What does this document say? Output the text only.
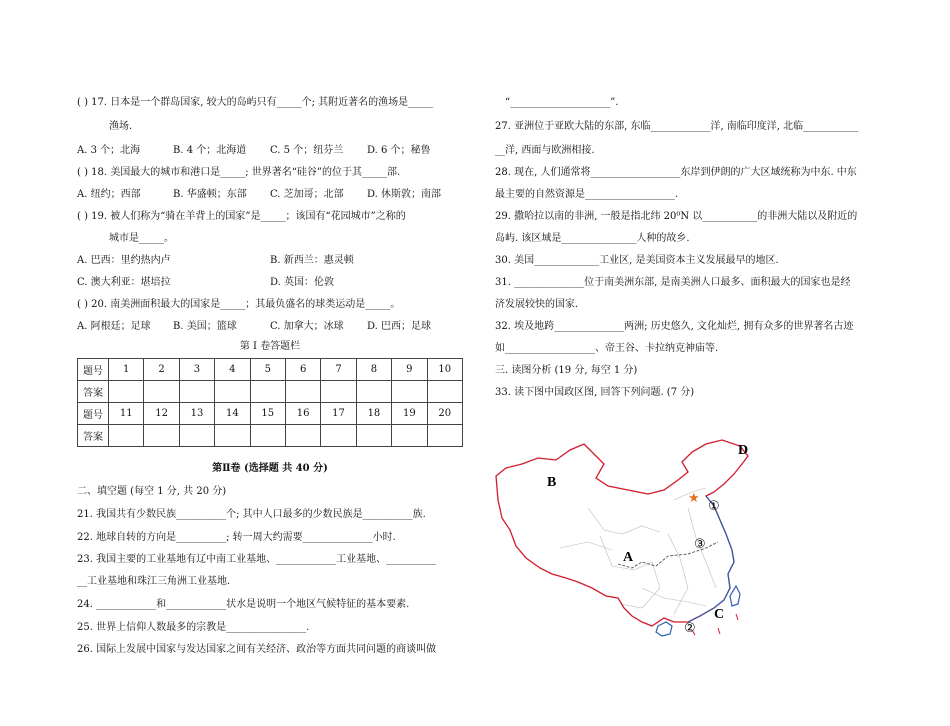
( ) 17. 日本是一个群岛国家, 较大的岛屿只有_____个; 其附近著名的渔场是_____
渔场.
A. 3 个；北海	B. 4 个；北海道 C. 5 个；纽芬兰 D. 6 个；秘鲁
( ) 18. 美国最大的城市和港口是_____; 世界著名“硅谷”的位于其_____部.
A. 纽约；西部	B. 华盛顿；东部 C. 芝加哥；北部 D. 休斯敦；南部
( ) 19. 被人们称为“骑在羊背上的国家”是_____；该国有“花园城市”之称的
城市是_____。
A. 巴西：里约热内卢	B. 新西兰：惠灵顿
C. 澳大利亚：堪培拉	D. 英国：伦敦
( ) 20. 南美洲面积最大的国家是_____；其最负盛名的球类运动是_____。
A. 阿根廷；足球 B. 美国；篮球	C. 加拿大；冰球 D. 巴西；足球
第 I 卷答题栏
题号	1	2	3	4	5	6	7	8	9	10
答案										
题号	11	12	13	14	15	16	17	18	19	20
答案										
第Ⅱ卷 (选择题 共 40 分)
二、填空题 (每空 1 分, 共 20 分)
21. 我国共有少数民族__________个; 其中人口最多的少数民族是__________族.
22. 地球自转的方向是__________; 转一周大约需要______________小时.
23. 我国主要的工业基地有辽中南工业基地、____________工业基地、__________
__工业基地和珠江三角洲工业基地.
24. ____________和____________状水是说明一个地区气候特征的基本要素.
25. 世界上信仰人数最多的宗教是________________.
26. 国际上发展中国家与发达国家之间有关经济、政治等方面共同问题的商谈叫做
“____________________”.
27. 亚洲位于亚欧大陆的东部, 东临____________洋, 南临印度洋, 北临___________
__洋, 西面与欧洲相接.
28. 现在, 人们通常将__________________东岸到伊朗的广大区域统称为中东. 中东
最主要的自然资源是__________________.
29. 撒哈拉以南的非洲, 一般是指北纬 20⁰N 以___________的非洲大陆以及附近的
岛屿. 该区域是_______________人种的故乡.
30. 美国_____________工业区, 是美国资本主义发展最早的地区.
31. ______________位于南美洲东部, 是南美洲人口最多、面积最大的国家也是经
济发展较快的国家.
32. 埃及地跨______________两洲; 历史悠久, 文化灿烂, 拥有众多的世界著名古迹
如__________________、帝王谷、卡拉纳克神庙等.
三. 读图分析 (19 分, 每空 1 分)
33. 读下图中国政区图, 回答下列问题. (7 分)
★
B
D
A
C
①
③
②
